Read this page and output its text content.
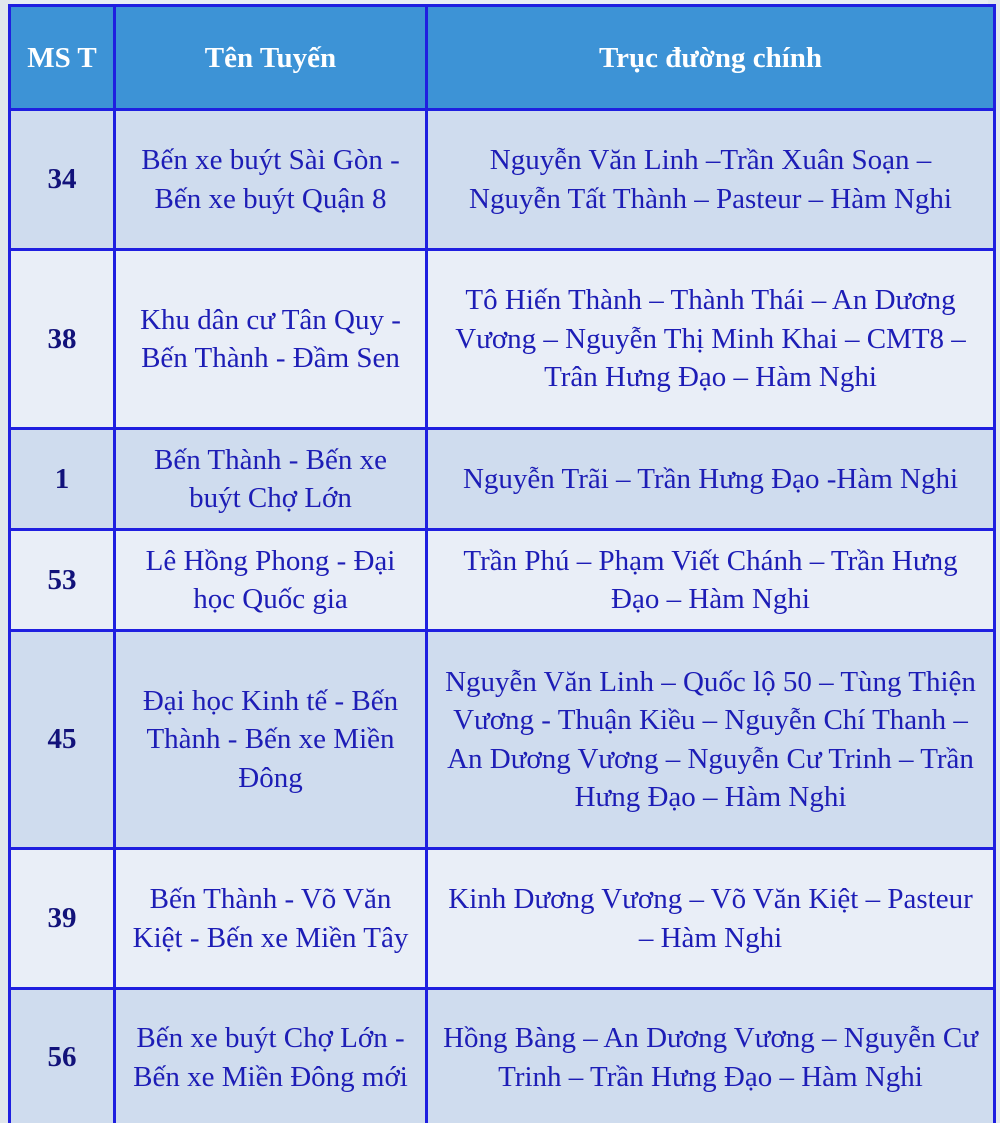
MS T	Tên Tuyến	Trục đường chính
34	Bến xe buýt Sài Gòn - Bến xe buýt Quận 8	Nguyễn Văn Linh –Trần Xuân Soạn – Nguyễn Tất Thành – Pasteur – Hàm Nghi
38	Khu dân cư Tân Quy - Bến Thành - Đầm Sen	Tô Hiến Thành – Thành Thái – An Dương Vương – Nguyễn Thị Minh Khai – CMT8 – Trân Hưng Đạo – Hàm Nghi
1	Bến Thành - Bến xe buýt Chợ Lớn	Nguyễn Trãi – Trần Hưng Đạo -Hàm Nghi
53	Lê Hồng Phong - Đại học Quốc gia	Trần Phú – Phạm Viết Chánh – Trần Hưng Đạo – Hàm Nghi
45	Đại học Kinh tế - Bến Thành - Bến xe Miền Đông	Nguyễn Văn Linh – Quốc lộ 50 – Tùng Thiện Vương - Thuận Kiều – Nguyễn Chí Thanh – An Dương Vương – Nguyễn Cư Trinh – Trần Hưng Đạo – Hàm Nghi
39	Bến Thành - Võ Văn Kiệt - Bến xe Miền Tây	Kinh Dương Vương – Võ Văn Kiệt – Pasteur – Hàm Nghi
56	Bến xe buýt Chợ Lớn - Bến xe Miền Đông mới	Hồng Bàng – An Dương Vương – Nguyễn Cư Trinh – Trần Hưng Đạo – Hàm Nghi
